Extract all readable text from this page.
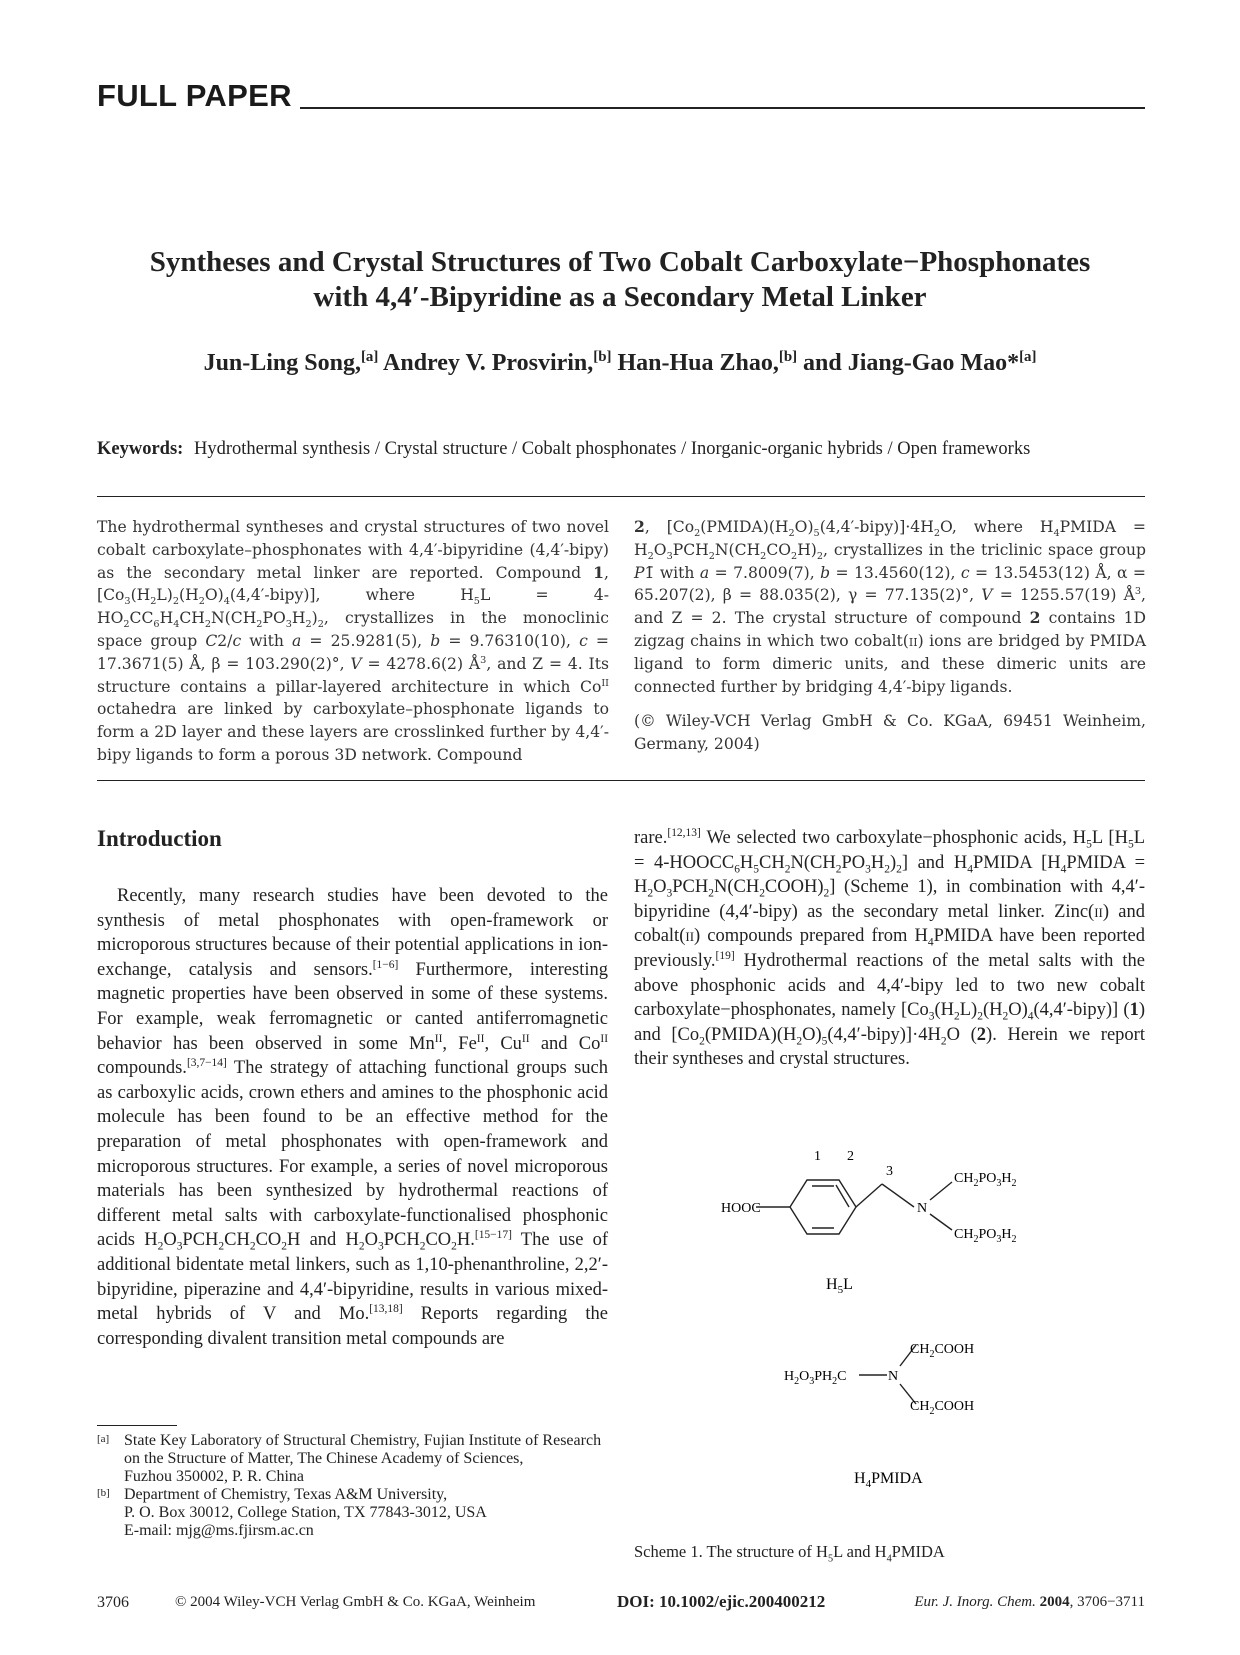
FULL PAPER
Syntheses and Crystal Structures of Two Cobalt Carboxylate−Phosphonates
with 4,4′-Bipyridine as a Secondary Metal Linker
Jun-Ling Song,[a] Andrey V. Prosvirin,[b] Han-Hua Zhao,[b] and Jiang-Gao Mao*[a]
Keywords: Hydrothermal synthesis / Crystal structure / Cobalt phosphonates / Inorganic-organic hybrids / Open frameworks

The hydrothermal syntheses and crystal structures of two novel cobalt carboxylate–phosphonates with 4,4′-bipyridine (4,4′-bipy) as the secondary metal linker are reported. Compound 1, $[Co_3(H_2L)_2(H_2O)_4(4,4'-bipy)]$, where $H_5L = 4-HO_2CC_6H_4CH_2N(CH_2PO_3H_2)_2$, crystallizes in the monoclinic space group C2/c with a = 25.9281(5), b = 9.76310(10), c = 17.3671(5) Å, β = 103.290(2)°, V = 4278.6(2) $Å^3$, and Z = 4. Its structure contains a pillar-layered architecture in which $Co^{II}$ octahedra are linked by carboxylate–phosphonate ligands to form a 2D layer and these layers are crosslinked further by 4,4′-bipy ligands to form a porous 3D network. Compound

2, $[Co_2(PMIDA)(H_2O)_5(4,4'-bipy)]\cdot 4H_2O$, where $H_4PMIDA = H_2O_3PCH_2N(CH_2CO_2H)_2$, crystallizes in the triclinic space group P1̄ with a = 7.8009(7), b = 13.4560(12), c = 13.5453(12) Å, α = 65.207(2), β = 88.035(2), γ = 77.135(2)°, V = 1255.57(19) $Å^3$, and Z = 2. The crystal structure of compound 2 contains 1D zigzag chains in which two cobalt(ii) ions are bridged by PMIDA ligand to form dimeric units, and these dimeric units are connected further by bridging 4,4′-bipy ligands.

(© Wiley-VCH Verlag GmbH & Co. KGaA, 69451 Weinheim, Germany, 2004)

Introduction

Recently, many research studies have been devoted to the synthesis of metal phosphonates with open-framework or microporous structures because of their potential applications in ion-exchange, catalysis and sensors.[1−6] Furthermore, interesting magnetic properties have been observed in some of these systems. For example, weak ferromagnetic or canted antiferromagnetic behavior has been observed in some $Mn^{II}$, $Fe^{II}$, $Cu^{II}$ and $Co^{II}$ compounds.[3,7−14] The strategy of attaching functional groups such as carboxylic acids, crown ethers and amines to the phosphonic acid molecule has been found to be an effective method for the preparation of metal phosphonates with open-framework and microporous structures. For example, a series of novel microporous materials has been synthesized by hydrothermal reactions of different metal salts with carboxylate-functionalised phosphonic acids $H_2O_3PCH_2CH_2CO_2H$ and $H_2O_3PCH_2CO_2H.[15-17]$ The use of additional bidentate metal linkers, such as 1,10-phenanthroline, 2,2′-bipyridine, piperazine and 4,4′-bipyridine, results in various mixed-metal hybrids of V and Mo.[13,18] Reports regarding the corresponding divalent transition metal compounds are

rare.[12,13] We selected two carboxylate−phosphonic acids, $H_5L$ [$H_5L$ = $4-HOOCC_6H_5CH_2N(CH_2PO_3H_2)_2$] and $H_4PMIDA$ [$H_4PMIDA$ = $H_2O_3PCH_2N(CH_2COOH)_2$] (Scheme 1), in combination with 4,4′-bipyridine (4,4′-bipy) as the secondary metal linker. Zinc(ii) and cobalt(ii) compounds prepared from $H_4PMIDA$ have been reported previously.[19] Hydrothermal reactions of the metal salts with the above phosphonic acids and 4,4′-bipy led to two new cobalt carboxylate−phosphonates, namely $[Co_3(H_2L)_2(H_2O)_4(4,4'-bipy)]$ (1) and $[Co_2(PMIDA)(H_2O)_5(4,4'-bipy)]\cdot 4H_2O$ (2). Herein we report their syntheses and crystal structures.

1 2
3
HOOC	N
$CH_2PO_3H_2$
$CH_2PO_3H_2$
$H_5L$
$H_2O_3PH_2C$	N
$CH_2COOH$
$CH_2COOH$
$H_4PMIDA$
Scheme 1. The structure of $H_5L$ and $H_4PMIDA$
[a] State Key Laboratory of Structural Chemistry, Fujian Institute of Research on the Structure of Matter, The Chinese Academy of Sciences,
Fuzhou 350002, P. R. China
[b] Department of Chemistry, Texas A&M University,
P. O. Box 30012, College Station, TX 77843-3012, USA
E-mail: mjg@ms.fjirsm.ac.cn
3706	© 2004 Wiley-VCH Verlag GmbH & Co. KGaA, Weinheim	DOI: 10.1002/ejic.200400212	Eur. J. Inorg. Chem. 2004, 3706−3711
